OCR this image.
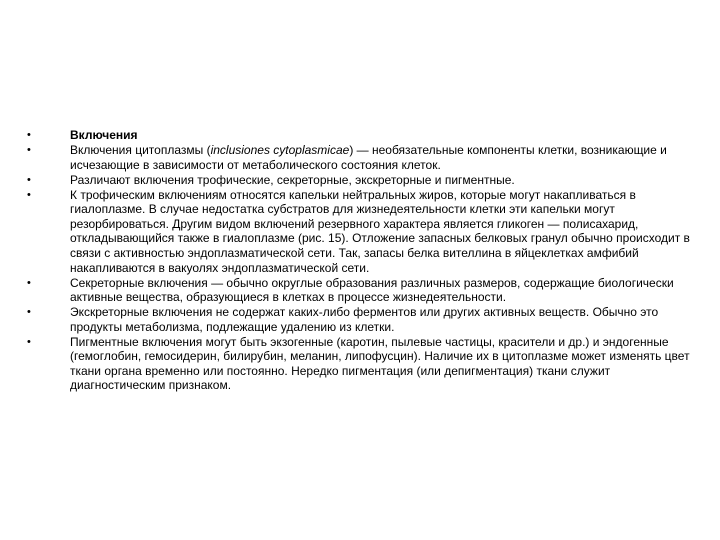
•	Включения
•	Включения цитоплазмы (inclusiones cytoplasmicae) — необязательные компоненты клетки, возникающие и исчезающие в зависимости от метаболического состояния клеток.
•	Различают включения трофические, секреторные, экскреторные и пигментные.
•	К трофическим включениям относятся капельки нейтральных жиров, которые могут накапливаться в гиалоплазме. В случае недостатка субстратов для жизнедеятельности клетки эти капельки могут резорбироваться. Другим видом включений резервного характера является гликоген — полисахарид, откладывающийся также в гиалоплазме (рис. 15). Отложение запасных белковых гранул обычно происходит в связи с активностью эндоплазматической сети. Так, запасы белка вителлина в яйцеклетках амфибий накапливаются в вакуолях эндоплазматической сети.
•	Секреторные включения — обычно округлые образования различных размеров, содержащие биологически активные вещества, образующиеся в клетках в процессе жизнедеятельности.
•	Экскреторные включения не содержат каких-либо ферментов или других активных веществ. Обычно это продукты метаболизма, подлежащие удалению из клетки.
•	Пигментные включения могут быть экзогенные (каротин, пылевые частицы, красители и др.) и эндогенные (гемоглобин, гемосидерин, билирубин, меланин, липофусцин). Наличие их в цитоплазме может изменять цвет ткани органа временно или постоянно. Нередко пигментация (или депигментация) ткани служит диагностическим признаком.
